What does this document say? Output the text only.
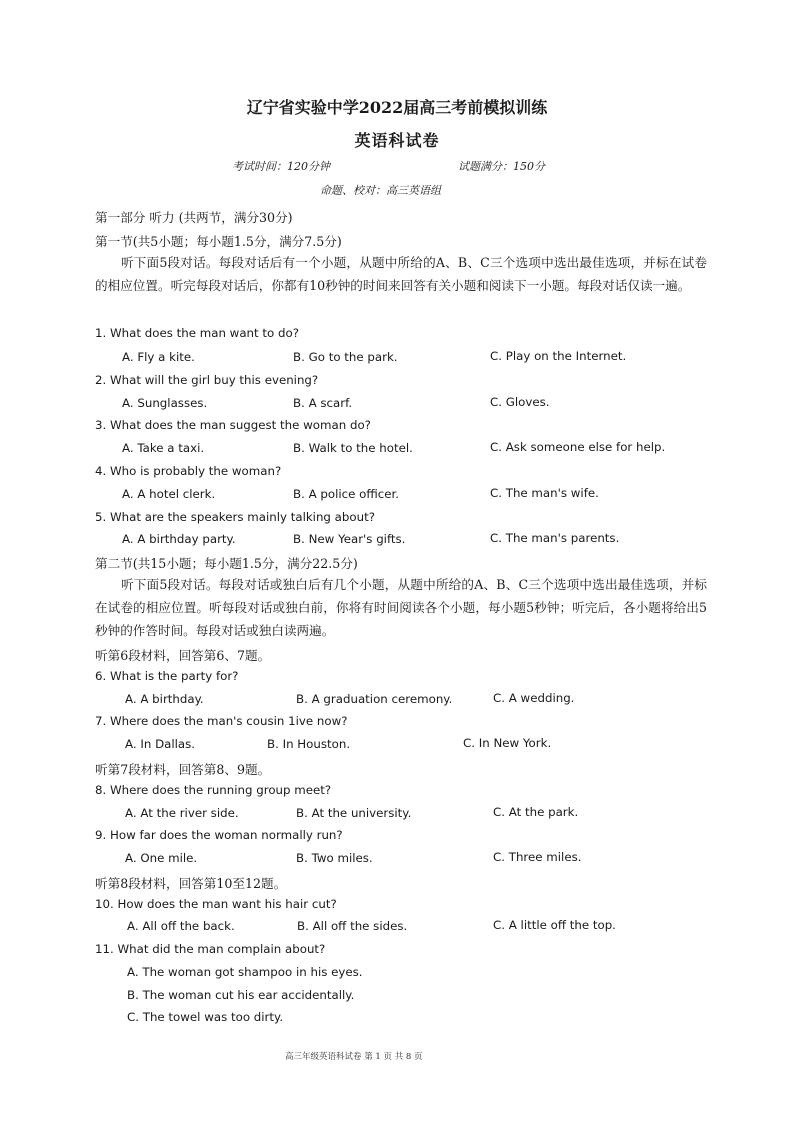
辽宁省实验中学2022届高三考前模拟训练
英语科试卷
考试时间：120分钟	试题满分：150分
命题、校对：高三英语组
第一部分 听力 (共两节，满分30分)
第一节(共5小题；每小题1.5分，满分7.5分)
听下面5段对话。每段对话后有一个小题，从题中所给的A、B、C三个选项中选出最佳选项，并标在试卷的相应位置。听完每段对话后，你都有10秒钟的时间来回答有关小题和阅读下一小题。每段对话仅读一遍。
1. What does the man want to do?
A. Fly a kite.	B. Go to the park.	C. Play on the Internet.
2. What will the girl buy this evening?
A. Sunglasses.	B. A scarf.	C. Gloves.
3. What does the man suggest the woman do?
A. Take a taxi.	B. Walk to the hotel.	C. Ask someone else for help.
4. Who is probably the woman?
A. A hotel clerk.	B. A police officer.	C. The man's wife.
5. What are the speakers mainly talking about?
A. A birthday party.	B. New Year's gifts.	C. The man's parents.
第二节(共15小题；每小题1.5分，满分22.5分)
听下面5段对话。每段对话或独白后有几个小题，从题中所给的A、B、C三个选项中选出最佳选项，并标在试卷的相应位置。听每段对话或独白前，你将有时间阅读各个小题，每小题5秒钟；听完后，各小题将给出5秒钟的作答时间。每段对话或独白读两遍。
听第6段材料，回答第6、7题。
6. What is the party for?
A. A birthday.	B. A graduation ceremony.	C. A wedding.
7. Where does the man's cousin 1ive now?
A. In Dallas.	B. In Houston.	C. In New York.
听第7段材料，回答第8、9题。
8. Where does the running group meet?
A. At the river side.	B. At the university.	C. At the park.
9. How far does the woman normally run?
A. One mile.	B. Two miles.	C. Three miles.
听第8段材料，回答第10至12题。
10. How does the man want his hair cut?
A. All off the back.	B. All off the sides.	C. A little off the top.
11. What did the man complain about?
A. The woman got shampoo in his eyes.
B. The woman cut his ear accidentally.
C. The towel was too dirty.
高三年级英语科试卷 第 1 页 共 8 页
